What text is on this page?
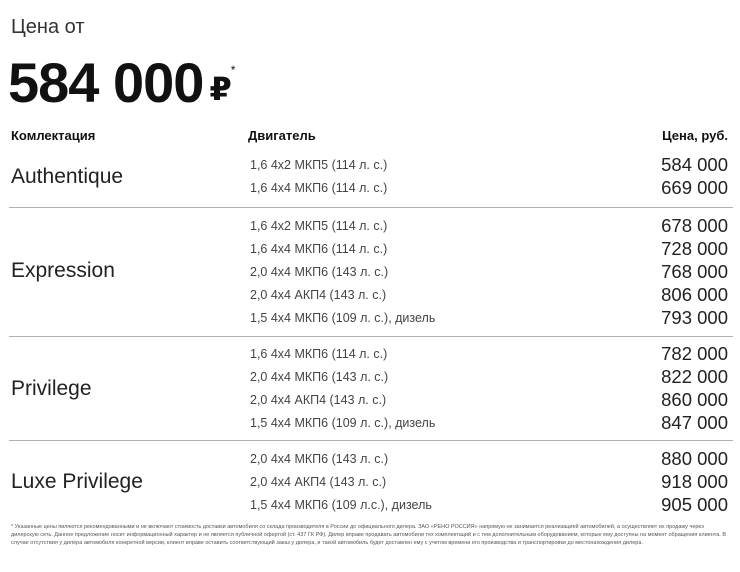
Цена от
584 000 ₽*
Комлектация	Двигатель	Цена, руб.
Authentique	1,6 4x2 МКП5 (114 л. с.)	584 000
1,6 4x4 МКП6 (114 л. с.)	669 000
Expression
1,6 4x2 МКП5 (114 л. с.)	678 000
1,6 4x4 МКП6 (114 л. с.)	728 000
2,0 4x4 МКП6 (143 л. с.)	768 000
2,0 4x4 АКП4 (143 л. с.)	806 000
1,5 4x4 МКП6 (109 л. с.), дизель	793 000
Privilege
1,6 4x4 МКП6 (114 л. с.)	782 000
2,0 4x4 МКП6 (143 л. с.)	822 000
2,0 4x4 АКП4 (143 л. с.)	860 000
1,5 4x4 МКП6 (109 л. с.), дизель	847 000
Luxe Privilege
2,0 4x4 МКП6 (143 л. с.)	880 000
2,0 4x4 АКП4 (143 л. с.)	918 000
1,5 4x4 МКП6 (109 л.с.), дизель	905 000
* Указанные цены являются рекомендованными и не включают стоимость доставки автомобиля со склада производителя в России до официального дилера. ЗАО «РЕНО РОССИЯ» напрямую не занимается реализацией автомобилей, а осуществляет их продажу через дилерскую сеть. Данное предложение носит информационный характер и не является публичной офертой (ст. 437 ГК РФ). Дилер вправе продавать автомобили тех комплектаций и с тем дополнительным оборудованием, которые ему доступны на момент обращения клиента. В случае отсутствия у дилера автомобиля конкретной версии, клиент вправе оставить соответствующий заказ у дилера, и такой автомобиль будет доставлен ему с учетом времени его производства и транспортировки до местонахождения дилера.
